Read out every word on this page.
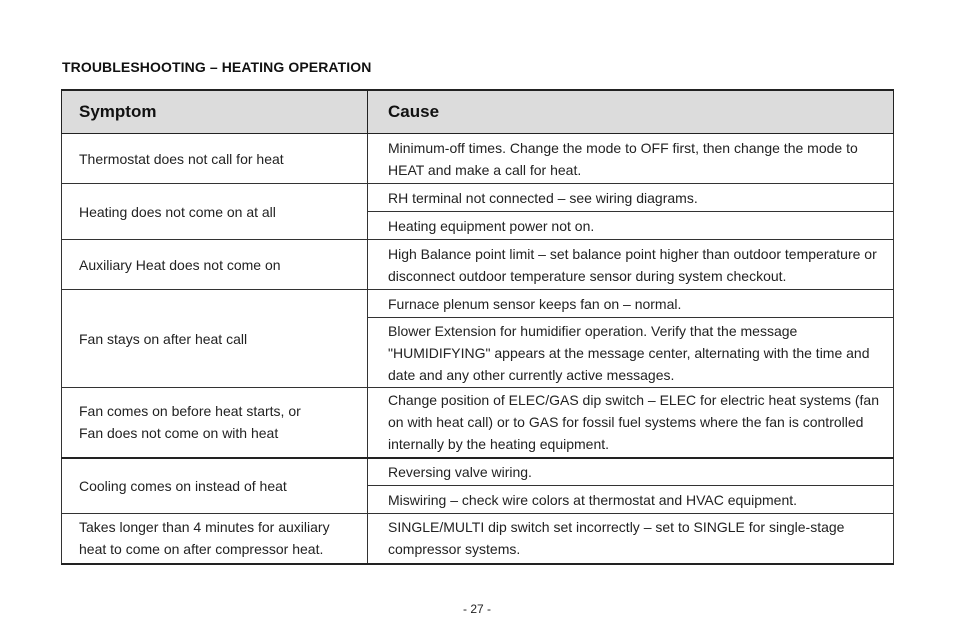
TROUBLESHOOTING – HEATING OPERATION
Symptom	Cause
Thermostat does not call for heat	Minimum-off times. Change the mode to OFF first, then change the mode to HEAT and make a call for heat.
Heating does not come on at all	RH terminal not connected – see wiring diagrams.
	Heating equipment power not on.
Auxiliary Heat does not come on	High Balance point limit – set balance point higher than outdoor temperature or disconnect outdoor temperature sensor during system checkout.
Fan stays on after heat call	Furnace plenum sensor keeps fan on – normal.
	Blower Extension for humidifier operation. Verify that the message "HUMIDIFYING" appears at the message center, alternating with the time and date and any other currently active messages.
Fan comes on before heat starts, or
Fan does not come on with heat	Change position of ELEC/GAS dip switch – ELEC for electric heat systems (fan on with heat call) or to GAS for fossil fuel systems where the fan is controlled internally by the heating equipment.
Cooling comes on instead of heat	Reversing valve wiring.
	Miswiring – check wire colors at thermostat and HVAC equipment.
Takes longer than 4 minutes for auxiliary heat to come on after compressor heat.	SINGLE/MULTI dip switch set incorrectly – set to SINGLE for single-stage compressor systems.
- 27 -
